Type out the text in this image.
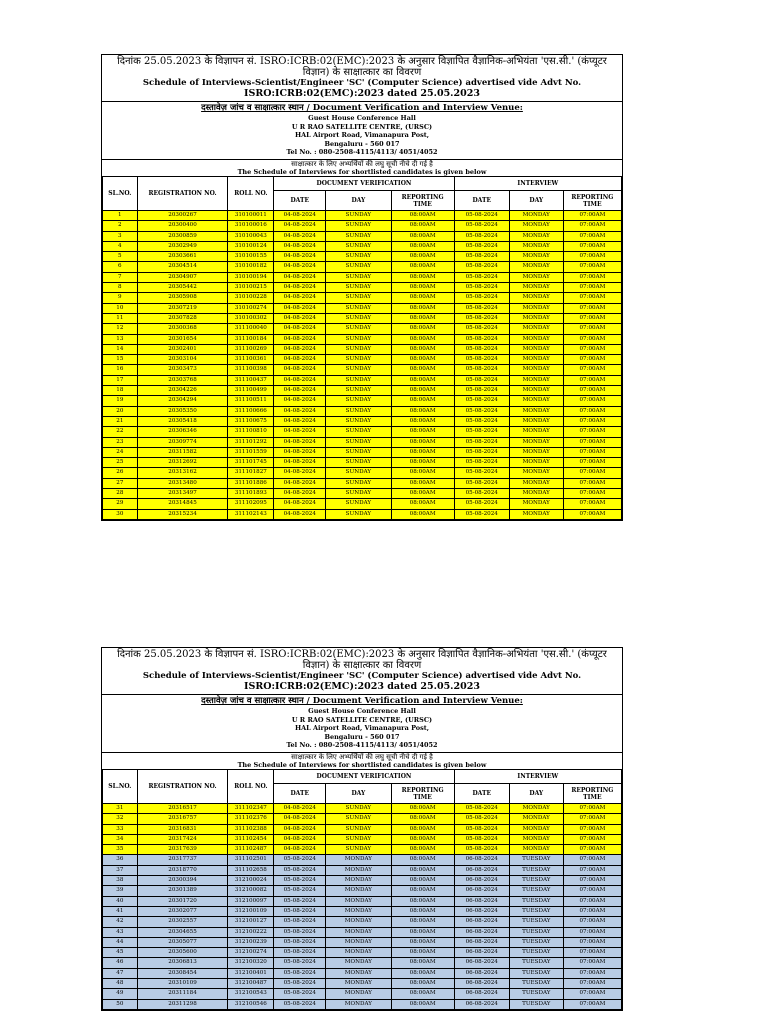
दिनांक 25.05.2023 के विज्ञापन सं. ISRO:ICRB:02(EMC):2023 के अनुसार विज्ञापित वैज्ञानिक-अभियंता 'एस.सी.' (कंप्यूटर विज्ञान) के साक्षात्कार का विवरण
Schedule of Interviews-Scientist/Engineer 'SC' (Computer Science) advertised vide Advt No.
ISRO:ICRB:02(EMC):2023 dated 25.05.2023
दस्तावेज़ जांच व साक्षात्कार स्थान / Document Verification and Interview Venue:
Guest House Conference Hall
U R RAO SATELLITE CENTRE, (URSC)
HAL Airport Road, Vimanapura Post,
Bengaluru - 560 017
Tel No. : 080-2508-4115/4113/ 4051/4052
साक्षात्कार के लिए अभ्यर्थियों की लघु सूची नीचे दी गई है
The Schedule of Interviews for shortlisted candidates is given below
SL.NO.	REGISTRATION NO.	ROLL NO.	DOCUMENT VERIFICATION			INTERVIEW		
			DATE	DAY	REPORTING TIME	DATE	DAY	REPORTING TIME
1	20300267	310100011	04-08-2024	SUNDAY	08:00AM	05-08-2024	MONDAY	07:00AM
2	20300400	310100016	04-08-2024	SUNDAY	08:00AM	05-08-2024	MONDAY	07:00AM
3	20300859	310100043	04-08-2024	SUNDAY	08:00AM	05-08-2024	MONDAY	07:00AM
4	20302949	310100124	04-08-2024	SUNDAY	08:00AM	05-08-2024	MONDAY	07:00AM
5	20303661	310100155	04-08-2024	SUNDAY	08:00AM	05-08-2024	MONDAY	07:00AM
6	20304514	310100182	04-08-2024	SUNDAY	08:00AM	05-08-2024	MONDAY	07:00AM
7	20304907	310100194	04-08-2024	SUNDAY	08:00AM	05-08-2024	MONDAY	07:00AM
8	20305442	310100215	04-08-2024	SUNDAY	08:00AM	05-08-2024	MONDAY	07:00AM
9	20305908	310100228	04-08-2024	SUNDAY	08:00AM	05-08-2024	MONDAY	07:00AM
10	20307219	310100274	04-08-2024	SUNDAY	08:00AM	05-08-2024	MONDAY	07:00AM
11	20307828	310100302	04-08-2024	SUNDAY	08:00AM	05-08-2024	MONDAY	07:00AM
12	20300368	311100040	04-08-2024	SUNDAY	08:00AM	05-08-2024	MONDAY	07:00AM
13	20301654	311100184	04-08-2024	SUNDAY	08:00AM	05-08-2024	MONDAY	07:00AM
14	20302401	311100269	04-08-2024	SUNDAY	08:00AM	05-08-2024	MONDAY	07:00AM
15	20303104	311100361	04-08-2024	SUNDAY	08:00AM	05-08-2024	MONDAY	07:00AM
16	20303473	311100398	04-08-2024	SUNDAY	08:00AM	05-08-2024	MONDAY	07:00AM
17	20303768	311100437	04-08-2024	SUNDAY	08:00AM	05-08-2024	MONDAY	07:00AM
18	20304226	311100499	04-08-2024	SUNDAY	08:00AM	05-08-2024	MONDAY	07:00AM
19	20304294	311100511	04-08-2024	SUNDAY	08:00AM	05-08-2024	MONDAY	07:00AM
20	20305350	311100666	04-08-2024	SUNDAY	08:00AM	05-08-2024	MONDAY	07:00AM
21	20305418	311100675	04-08-2024	SUNDAY	08:00AM	05-08-2024	MONDAY	07:00AM
22	20306346	311100810	04-08-2024	SUNDAY	08:00AM	05-08-2024	MONDAY	07:00AM
23	20309774	311101292	04-08-2024	SUNDAY	08:00AM	05-08-2024	MONDAY	07:00AM
24	20311582	311101559	04-08-2024	SUNDAY	08:00AM	05-08-2024	MONDAY	07:00AM
25	20312692	311101745	04-08-2024	SUNDAY	08:00AM	05-08-2024	MONDAY	07:00AM
26	20313162	311101827	04-08-2024	SUNDAY	08:00AM	05-08-2024	MONDAY	07:00AM
27	20313480	311101886	04-08-2024	SUNDAY	08:00AM	05-08-2024	MONDAY	07:00AM
28	20313497	311101893	04-08-2024	SUNDAY	08:00AM	05-08-2024	MONDAY	07:00AM
29	20314845	311102095	04-08-2024	SUNDAY	08:00AM	05-08-2024	MONDAY	07:00AM
30	20315234	311102143	04-08-2024	SUNDAY	08:00AM	05-08-2024	MONDAY	07:00AM
दिनांक 25.05.2023 के विज्ञापन सं. ISRO:ICRB:02(EMC):2023 के अनुसार विज्ञापित वैज्ञानिक-अभियंता 'एस.सी.' (कंप्यूटर विज्ञान) के साक्षात्कार का विवरण
Schedule of Interviews-Scientist/Engineer 'SC' (Computer Science) advertised vide Advt No.
ISRO:ICRB:02(EMC):2023 dated 25.05.2023
दस्तावेज़ जांच व साक्षात्कार स्थान / Document Verification and Interview Venue:
Guest House Conference Hall
U R RAO SATELLITE CENTRE, (URSC)
HAL Airport Road, Vimanapura Post,
Bengaluru - 560 017
Tel No. : 080-2508-4115/4113/ 4051/4052
साक्षात्कार के लिए अभ्यर्थियों की लघु सूची नीचे दी गई है
The Schedule of Interviews for shortlisted candidates is given below
SL.NO.	REGISTRATION NO.	ROLL NO.	DOCUMENT VERIFICATION			INTERVIEW		
			DATE	DAY	REPORTING TIME	DATE	DAY	REPORTING TIME
31	20316517	311102347	04-08-2024	SUNDAY	08:00AM	05-08-2024	MONDAY	07:00AM
32	20316757	311102376	04-08-2024	SUNDAY	08:00AM	05-08-2024	MONDAY	07:00AM
33	20316831	311102388	04-08-2024	SUNDAY	08:00AM	05-08-2024	MONDAY	07:00AM
34	20317424	311102454	04-08-2024	SUNDAY	08:00AM	05-08-2024	MONDAY	07:00AM
35	20317639	311102487	04-08-2024	SUNDAY	08:00AM	05-08-2024	MONDAY	07:00AM
36	20317737	311102501	05-08-2024	MONDAY	08:00AM	06-08-2024	TUESDAY	07:00AM
37	20318770	311102658	05-08-2024	MONDAY	08:00AM	06-08-2024	TUESDAY	07:00AM
38	20300394	312100024	05-08-2024	MONDAY	08:00AM	06-08-2024	TUESDAY	07:00AM
39	20301389	312100082	05-08-2024	MONDAY	08:00AM	06-08-2024	TUESDAY	07:00AM
40	20301720	312100097	05-08-2024	MONDAY	08:00AM	06-08-2024	TUESDAY	07:00AM
41	20302077	312100109	05-08-2024	MONDAY	08:00AM	06-08-2024	TUESDAY	07:00AM
42	20302557	312100127	05-08-2024	MONDAY	08:00AM	06-08-2024	TUESDAY	07:00AM
43	20304655	312100222	05-08-2024	MONDAY	08:00AM	06-08-2024	TUESDAY	07:00AM
44	20305077	312100239	05-08-2024	MONDAY	08:00AM	06-08-2024	TUESDAY	07:00AM
45	20305600	312100274	05-08-2024	MONDAY	08:00AM	06-08-2024	TUESDAY	07:00AM
46	20306813	312100320	05-08-2024	MONDAY	08:00AM	06-08-2024	TUESDAY	07:00AM
47	20308454	312100401	05-08-2024	MONDAY	08:00AM	06-08-2024	TUESDAY	07:00AM
48	20310109	312100487	05-08-2024	MONDAY	08:00AM	06-08-2024	TUESDAY	07:00AM
49	20311184	312100543	05-08-2024	MONDAY	08:00AM	06-08-2024	TUESDAY	07:00AM
50	20311298	312100546	05-08-2024	MONDAY	08:00AM	06-08-2024	TUESDAY	07:00AM
